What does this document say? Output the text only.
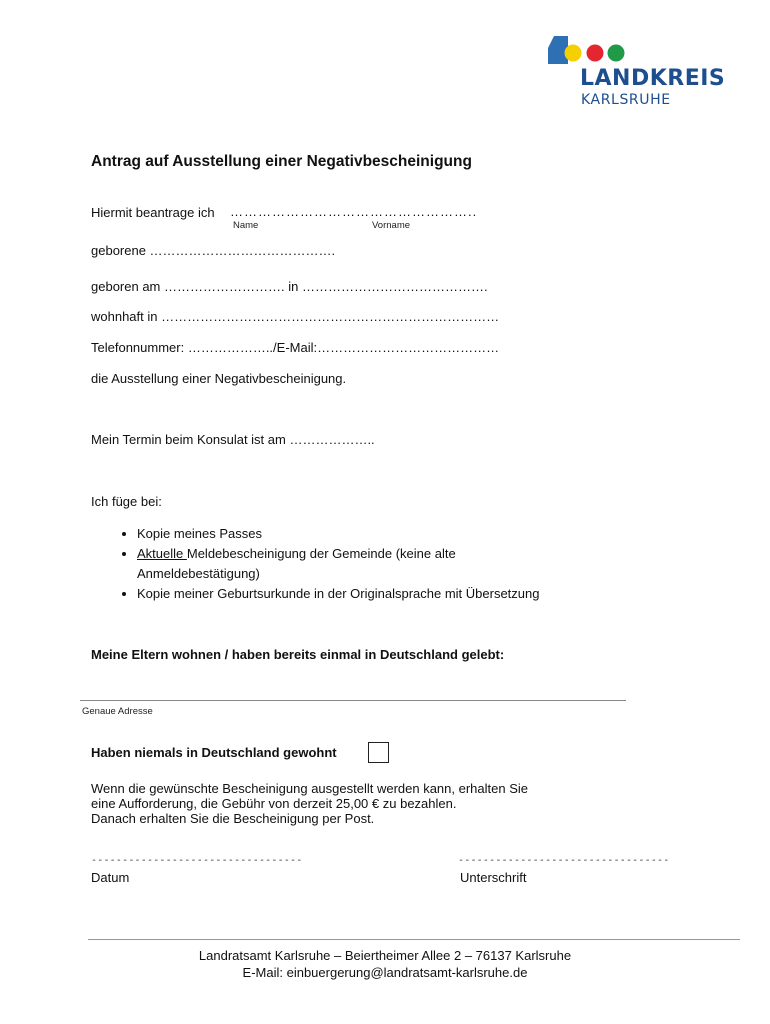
LANDKREIS
KARLSRUHE
Antrag auf Ausstellung einer Negativbescheinigung
Hiermit beantrage ich ……………………………………………..
Name	Vorname
geborene …………………………………….
geboren am ………………………. in …………………………………….
wohnhaft in ……………………………………………………………………
Telefonnummer: ………………../E-Mail:……………………………………
die Ausstellung einer Negativbescheinigung.
Mein Termin beim Konsulat ist am ………………..
Ich füge bei:
• Kopie meines Passes
• Aktuelle Meldebescheinigung der Gemeinde (keine alte Anmeldebestätigung)
• Kopie meiner Geburtsurkunde in der Originalsprache mit Übersetzung
Meine Eltern wohnen / haben bereits einmal in Deutschland gelebt:
Genaue Adresse
Haben niemals in Deutschland gewohnt
Wenn die gewünschte Bescheinigung ausgestellt werden kann, erhalten Sie
eine Aufforderung, die Gebühr von derzeit 25,00 € zu bezahlen.
Danach erhalten Sie die Bescheinigung per Post.
----------------------------------
Datum
----------------------------------
Unterschrift
Landratsamt Karlsruhe – Beiertheimer Allee 2 – 76137 Karlsruhe
E-Mail: einbuergerung@landratsamt-karlsruhe.de
